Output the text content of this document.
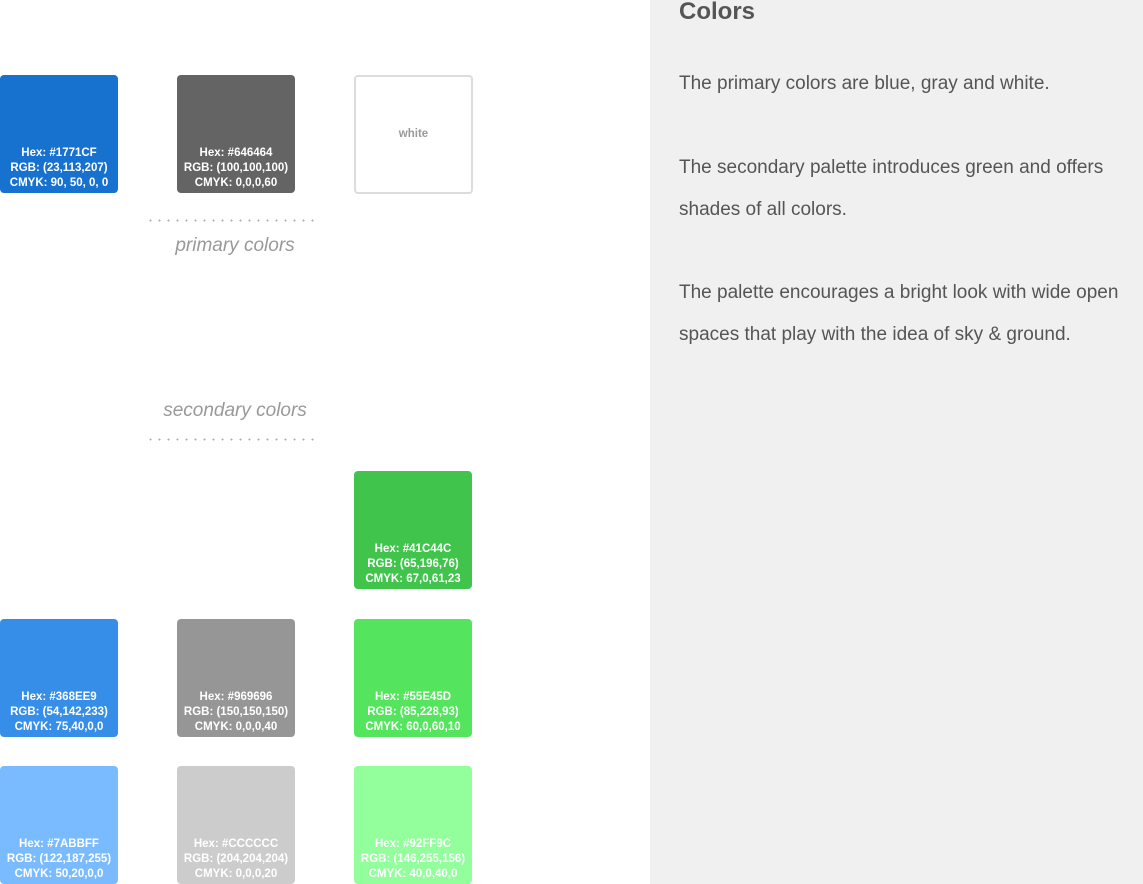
Hex: #1771CF
RGB: (23,113,207)
CMYK: 90, 50, 0, 0
Hex: #646464
RGB: (100,100,100)
CMYK: 0,0,0,60
white
primary colors
secondary colors
Hex: #41C44C
RGB: (65,196,76)
CMYK: 67,0,61,23
Hex: #368EE9
RGB: (54,142,233)
CMYK: 75,40,0,0
Hex: #969696
RGB: (150,150,150)
CMYK: 0,0,0,40
Hex: #55E45D
RGB: (85,228,93)
CMYK: 60,0,60,10
Hex: #7ABBFF
RGB: (122,187,255)
CMYK: 50,20,0,0
Hex: #CCCCCC
RGB: (204,204,204)
CMYK: 0,0,0,20
Hex: #92FF9C
RGB: (146,255,156)
CMYK: 40,0,40,0
Colors

The primary colors are blue, gray and white.

The secondary palette introduces green and offers shades of all colors.

The palette encourages a bright look with wide open spaces that play with the idea of sky & ground.
